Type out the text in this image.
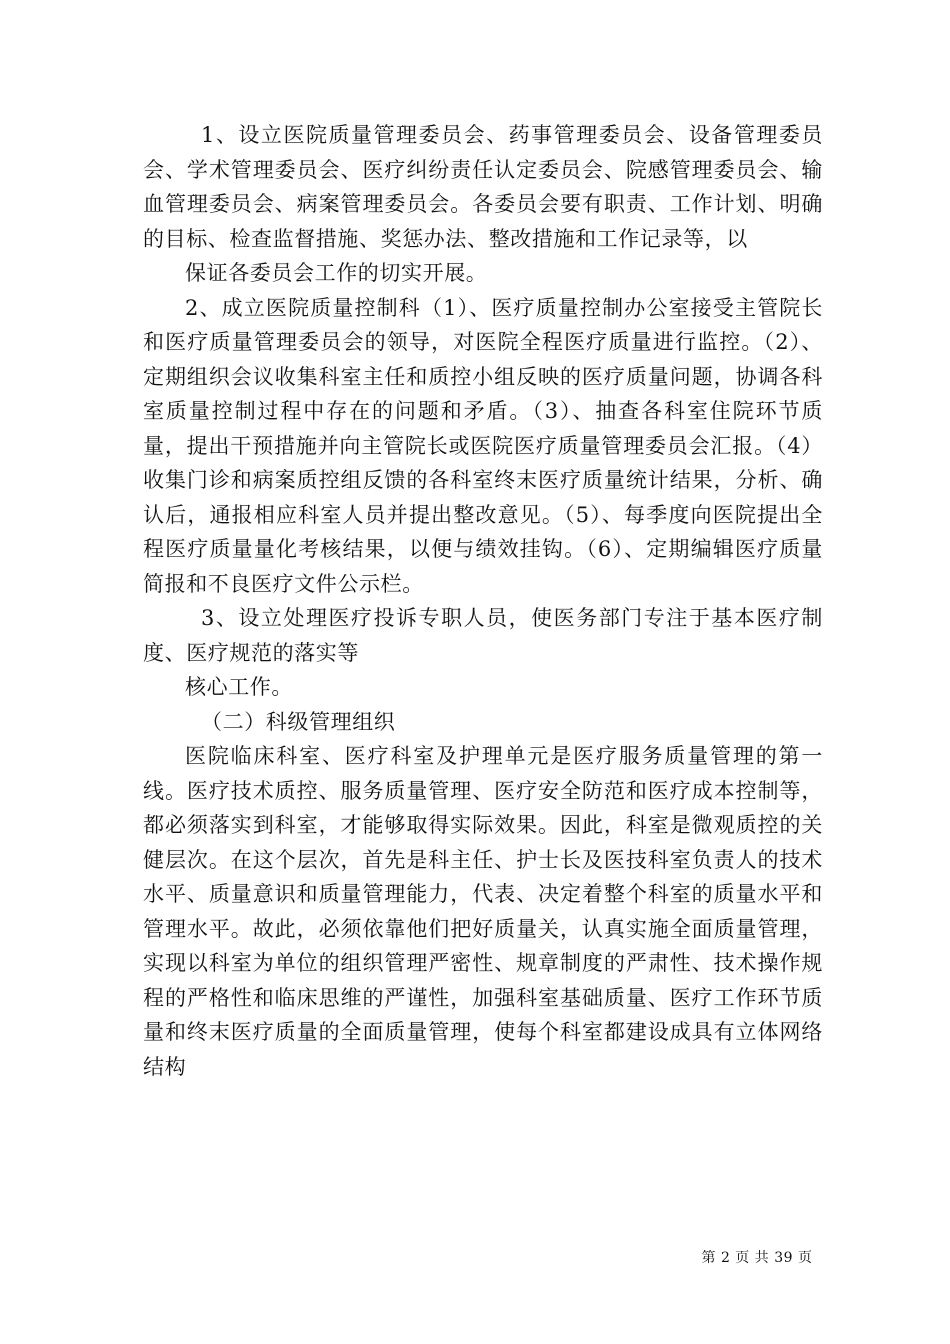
1、设立医院质量管理委员会、药事管理委员会、设备管理委员会、学术管理委员会、医疗纠纷责任认定委员会、院感管理委员会、输血管理委员会、病案管理委员会。各委员会要有职责、工作计划、明确的目标、检查监督措施、奖惩办法、整改措施和工作记录等，以

保证各委员会工作的切实开展。

2、成立医院质量控制科（1）、医疗质量控制办公室接受主管院长和医疗质量管理委员会的领导，对医院全程医疗质量进行监控。（2）、定期组织会议收集科室主任和质控小组反映的医疗质量问题，协调各科室质量控制过程中存在的问题和矛盾。（3）、抽查各科室住院环节质量，提出干预措施并向主管院长或医院医疗质量管理委员会汇报。（4）收集门诊和病案质控组反馈的各科室终末医疗质量统计结果，分析、确认后，通报相应科室人员并提出整改意见。（5）、每季度向医院提出全程医疗质量量化考核结果，以便与绩效挂钩。（6）、定期编辑医疗质量简报和不良医疗文件公示栏。

3、设立处理医疗投诉专职人员，使医务部门专注于基本医疗制度、医疗规范的落实等

核心工作。

（二）科级管理组织

医院临床科室、医疗科室及护理单元是医疗服务质量管理的第一线。医疗技术质控、服务质量管理、医疗安全防范和医疗成本控制等，都必须落实到科室，才能够取得实际效果。因此，科室是微观质控的关健层次。在这个层次，首先是科主任、护士长及医技科室负责人的技术水平、质量意识和质量管理能力，代表、决定着整个科室的质量水平和管理水平。故此，必须依靠他们把好质量关，认真实施全面质量管理，实现以科室为单位的组织管理严密性、规章制度的严肃性、技术操作规程的严格性和临床思维的严谨性，加强科室基础质量、医疗工作环节质量和终末医疗质量的全面质量管理，使每个科室都建设成具有立体网络结构

第 2 页 共 39 页
